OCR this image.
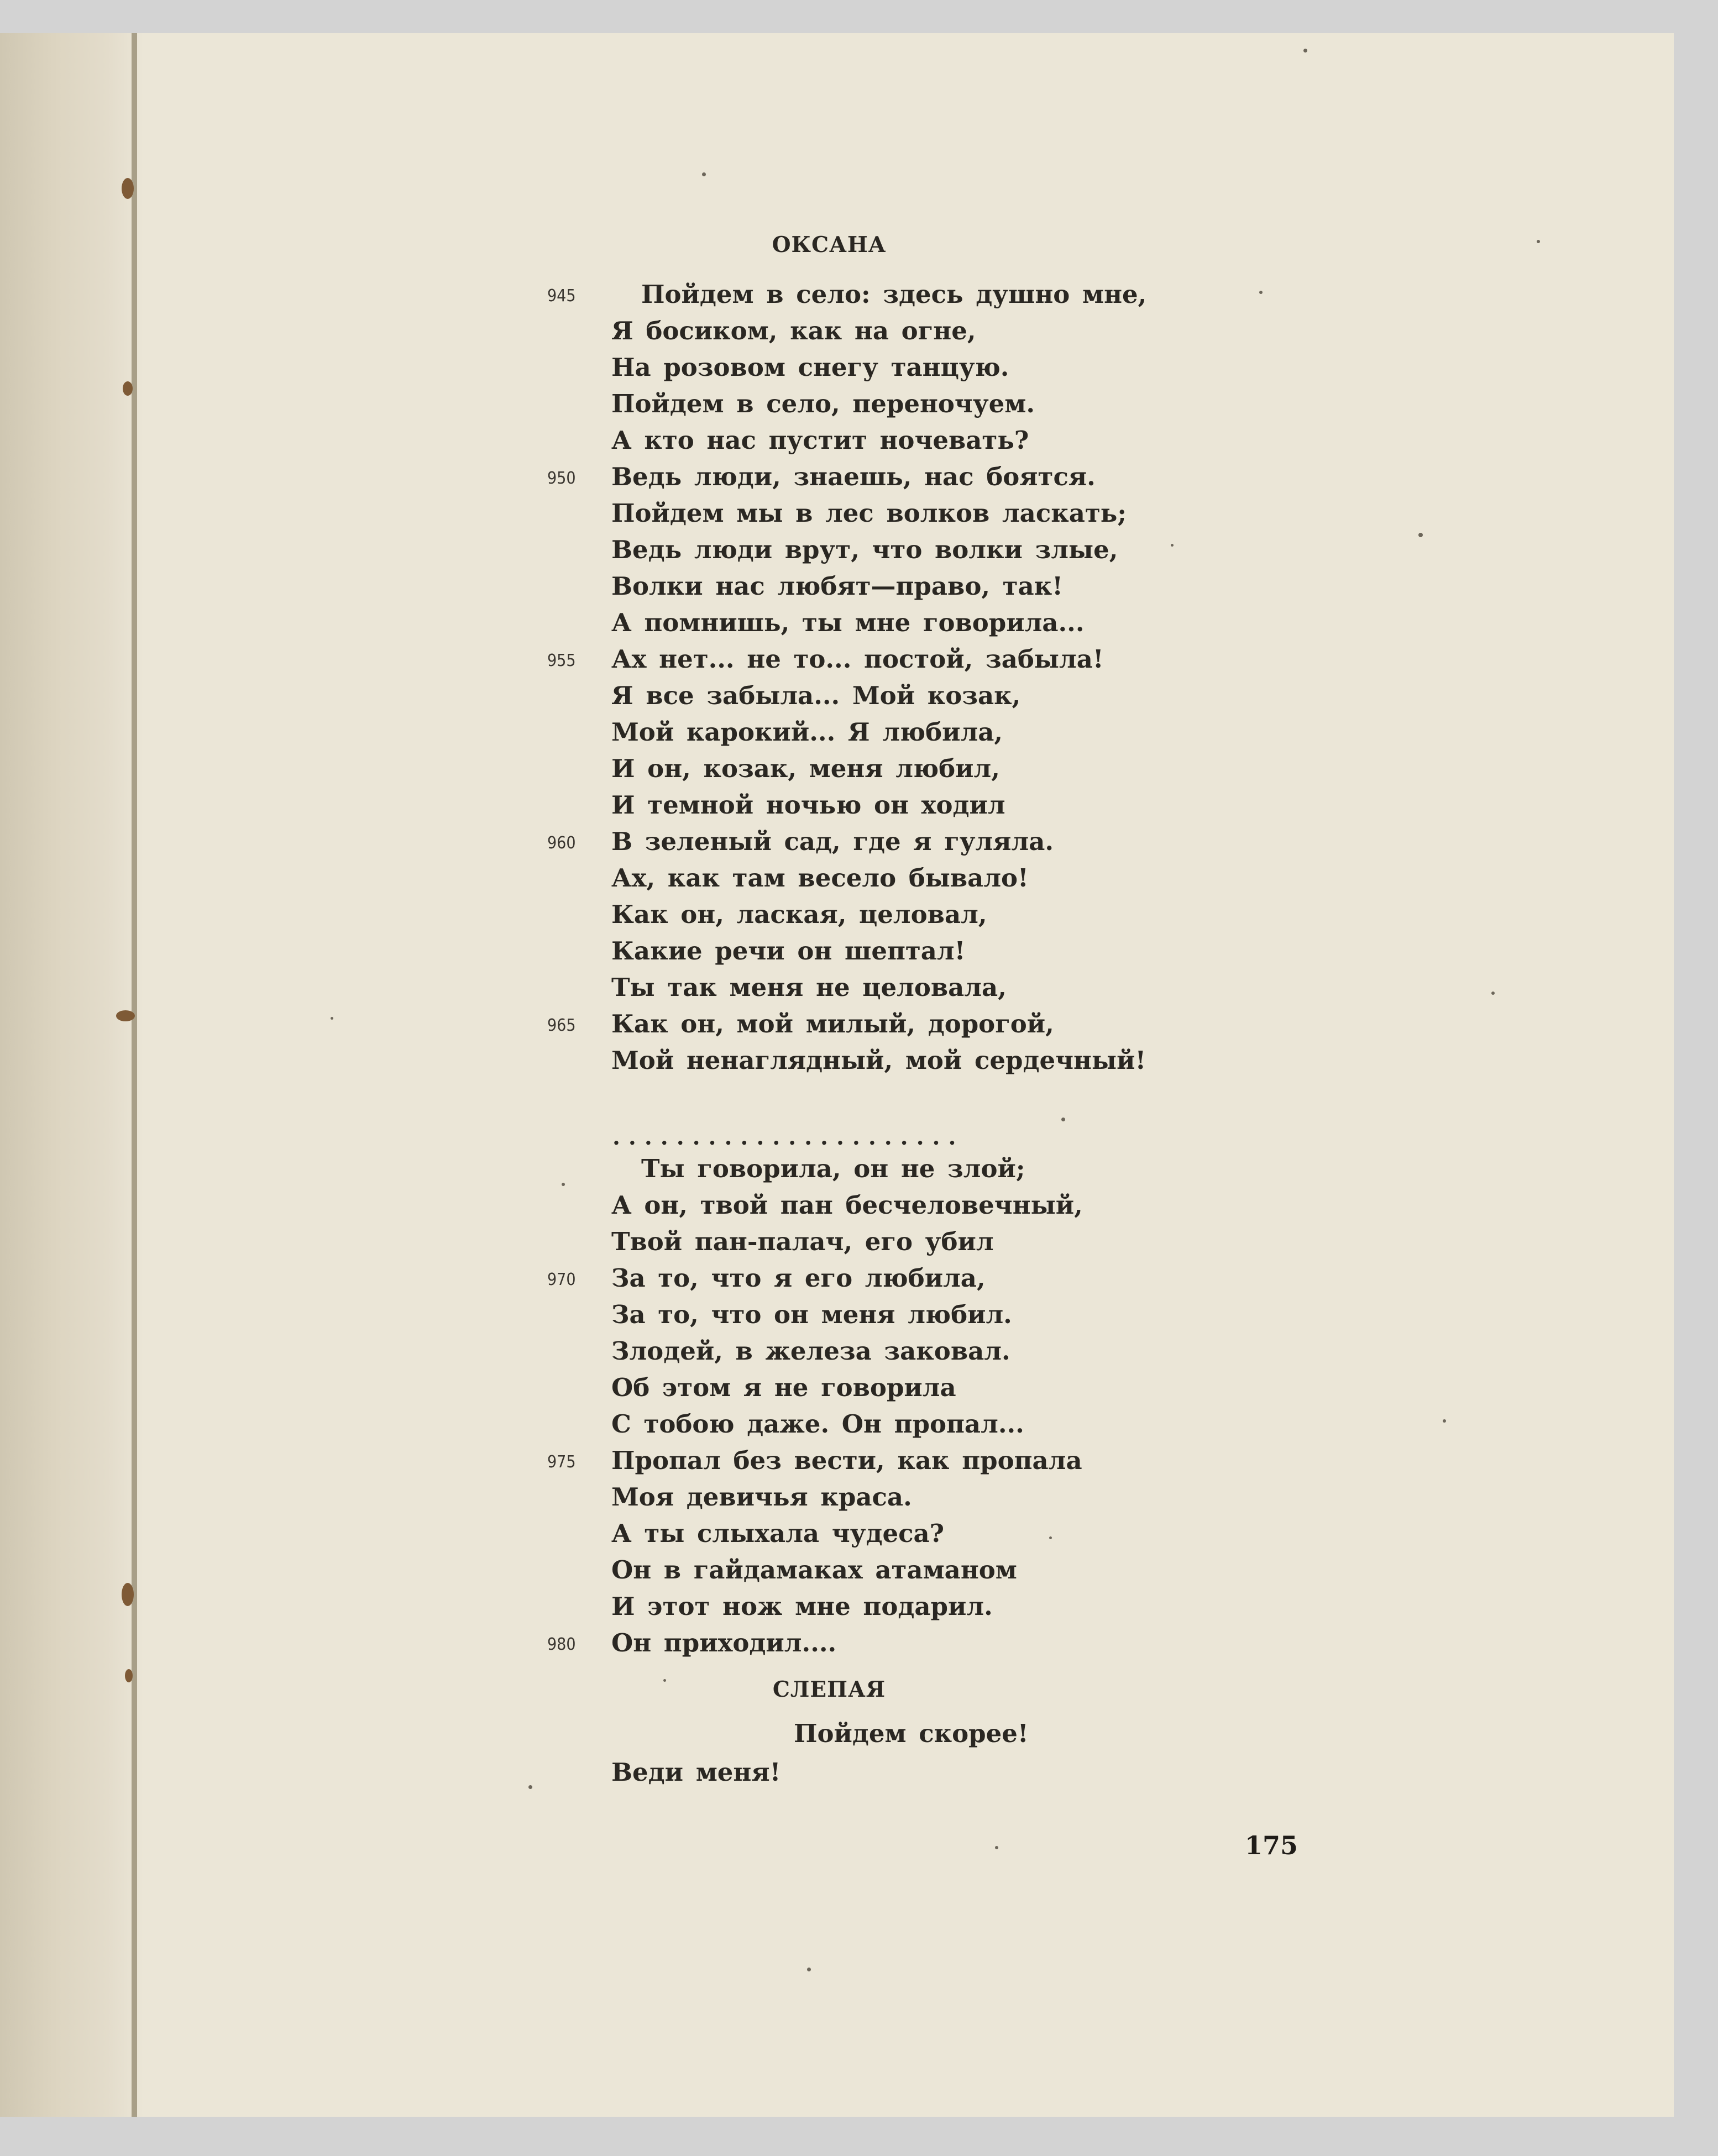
ОКСАНА
Пойдем в село: здесь душно мне,
Я босиком, как на огне,
На розовом снегу танцую.
Пойдем в село, переночуем.
А кто нас пустит ночевать?
Ведь люди, знаешь, нас боятся.
Пойдем мы в лес волков ласкать;
Ведь люди врут, что волки злые,
Волки нас любят—право, так!
А помнишь, ты мне говорила...
Ах нет... не то... постой, забыла!
Я все забыла... Мой козак,
Мой карокий... Я любила,
И он, козак, меня любил,
И темной ночью он ходил
В зеленый сад, где я гуляла.
Ах, как там весело бывало!
Как он, лаская, целовал,
Какие речи он шептал!
Ты так меня не целовала,
Как он, мой милый, дорогой,
Мой ненаглядный, мой сердечный!
945
950
955
960
965
......................
Ты говорила, он не злой;
А он, твой пан бесчеловечный,
Твой пан-палач, его убил
За то, что я его любила,
За то, что он меня любил.
Злодей, в железа заковал.
Об этом я не говорила
С тобою даже. Он пропал...
Пропал без вести, как пропала
Моя девичья краса.
А ты слыхала чудеса?
Он в гайдамаках атаманом
И этот нож мне подарил.
Он приходил....
970
975
980
СЛЕПАЯ
Пойдем скорее!
Веди меня!
175
